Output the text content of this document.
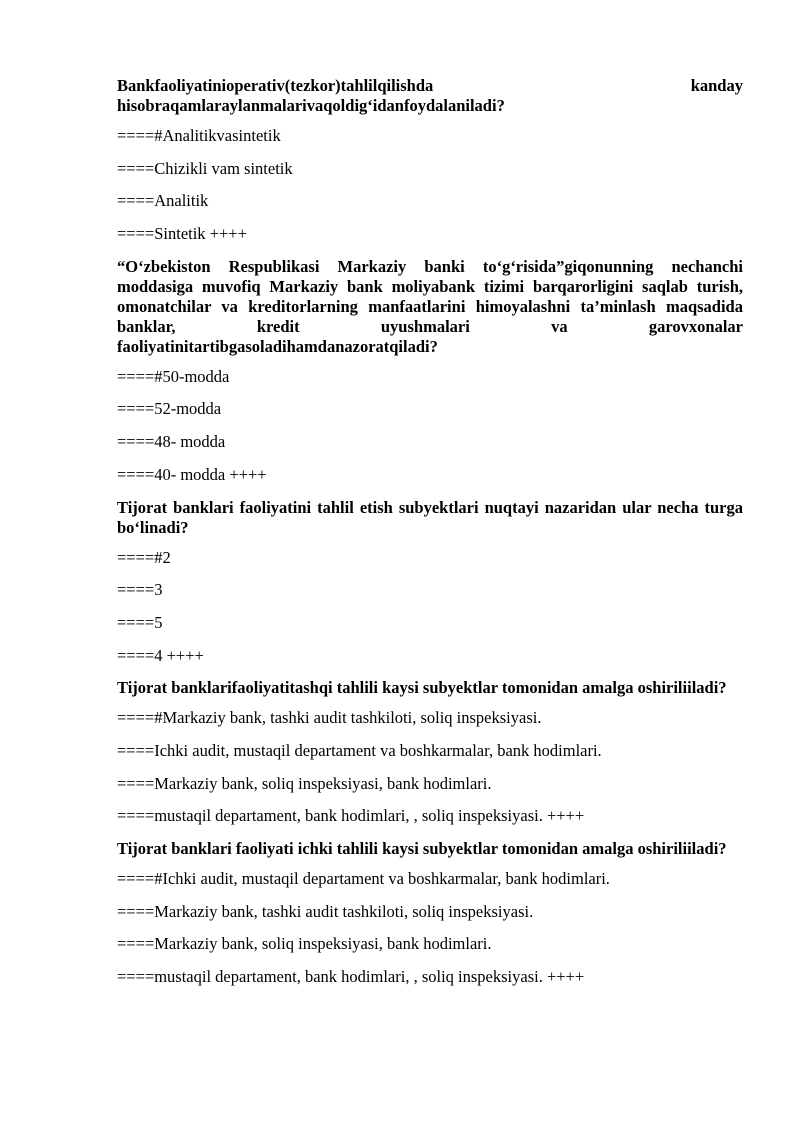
Bankfaoliyatinioperativ(tezkor)tahlilqilishda kanday hisobraqamlaraylanmalarivaqoldig‘idanfoydalaniladi?

====#Analitikvasintetik

====Chizikli vam sintetik

====Analitik

====Sintetik ++++

“O‘zbekiston Respublikasi Markaziy banki to‘g‘risida”giqonunning nechanchi moddasiga muvofiq Markaziy bank moliyabank tizimi barqarorligini saqlab turish, omonatchilar va kreditorlarning manfaatlarini himoyalashni ta’minlash maqsadida banklar, kredit uyushmalari va garovxonalar faoliyatinitartibgasoladihamdanazoratqiladi?

====#50-modda

====52-modda

====48- modda

====40- modda ++++

Tijorat banklari faoliyatini tahlil etish subyektlari nuqtayi nazaridan ular necha turga bo‘linadi?

====#2

====3

====5

====4 ++++

Tijorat banklarifaoliyatitashqi tahlili kaysi subyektlar tomonidan amalga oshiriliіladi?

====#Markaziy bank, tashki audit tashkiloti, soliq inspeksiyasi.

====Ichki audit, mustaqil departament va boshkarmalar, bank hodimlari.

====Markaziy bank, soliq inspeksiyasi, bank hodimlari.

====mustaqil departament, bank hodimlari, , soliq inspeksiyasi. ++++

Tijorat banklari faoliyati ichki tahlili kaysi subyektlar tomonidan amalga oshiriliіladi?

====#Ichki audit, mustaqil departament va boshkarmalar, bank hodimlari.

====Markaziy bank, tashki audit tashkiloti, soliq inspeksiyasi.

====Markaziy bank, soliq inspeksiyasi, bank hodimlari.

====mustaqil departament, bank hodimlari, , soliq inspeksiyasi. ++++
